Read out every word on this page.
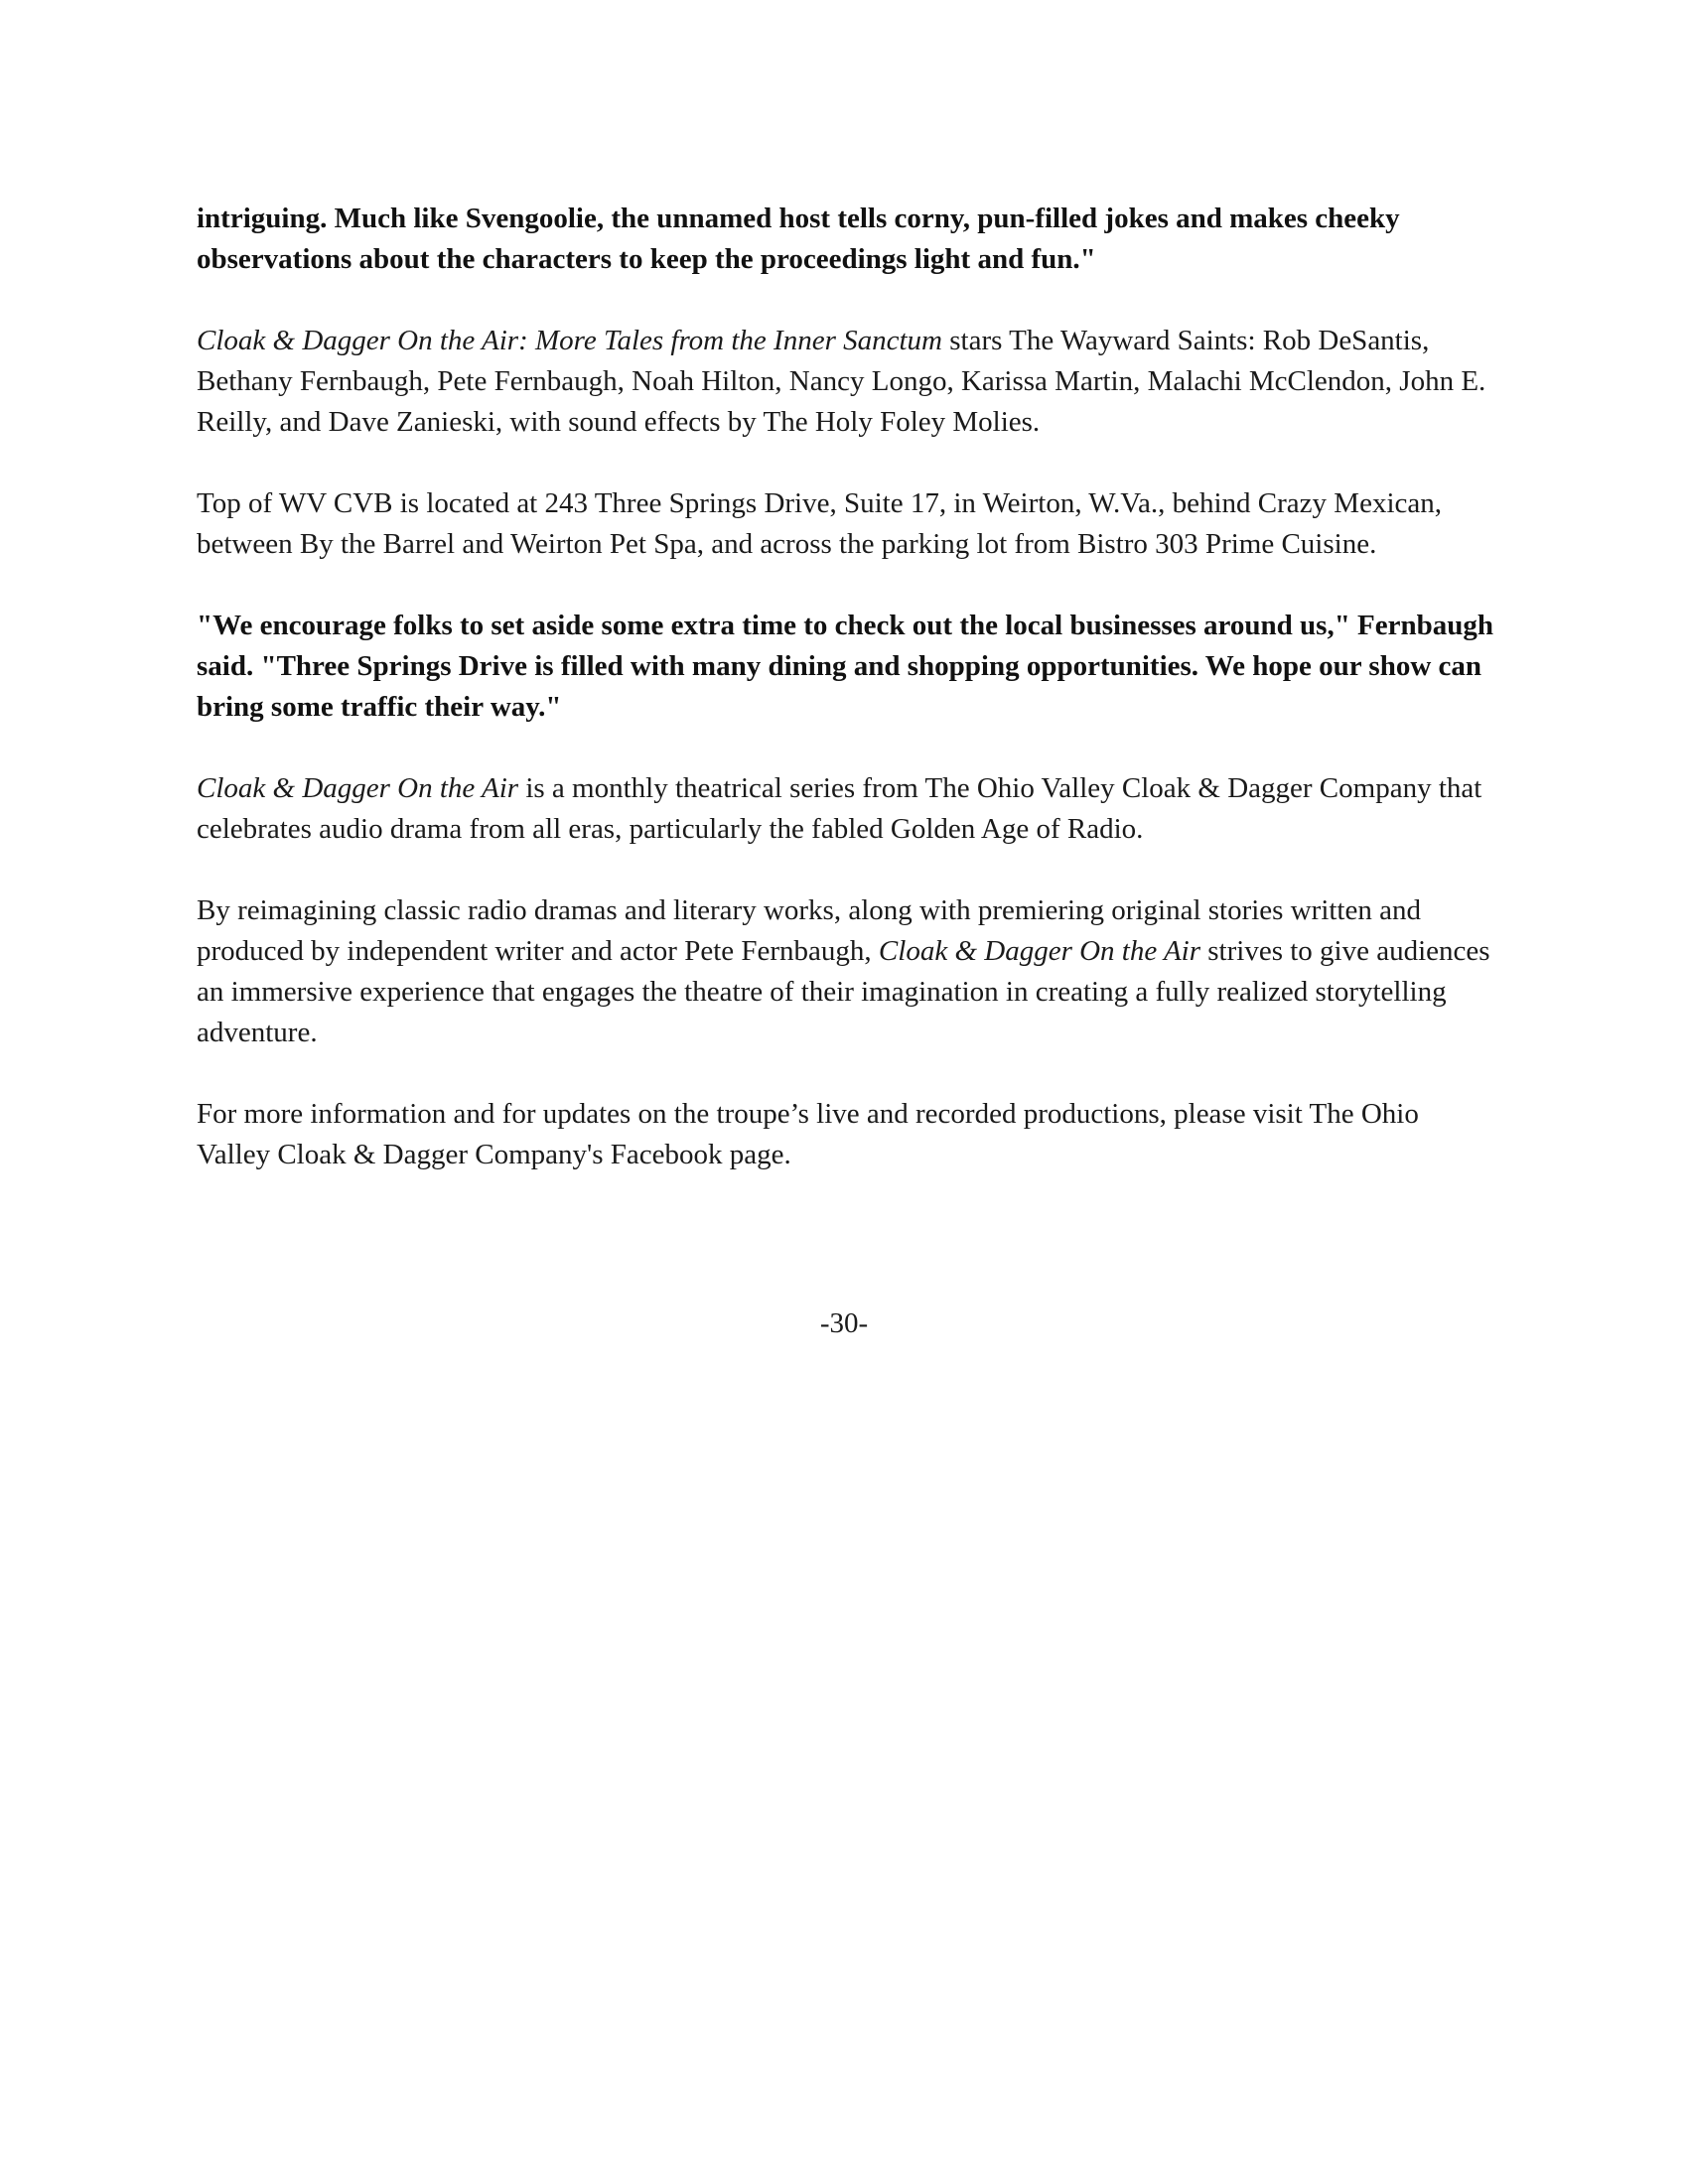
intriguing. Much like Svengoolie, the unnamed host tells corny, pun-filled jokes and makes cheeky observations about the characters to keep the proceedings light and fun."

Cloak & Dagger On the Air: More Tales from the Inner Sanctum stars The Wayward Saints: Rob DeSantis, Bethany Fernbaugh, Pete Fernbaugh, Noah Hilton, Nancy Longo, Karissa Martin, Malachi McClendon, John E. Reilly, and Dave Zanieski, with sound effects by The Holy Foley Molies.

Top of WV CVB is located at 243 Three Springs Drive, Suite 17, in Weirton, W.Va., behind Crazy Mexican, between By the Barrel and Weirton Pet Spa, and across the parking lot from Bistro 303 Prime Cuisine.

"We encourage folks to set aside some extra time to check out the local businesses around us," Fernbaugh said. "Three Springs Drive is filled with many dining and shopping opportunities. We hope our show can bring some traffic their way."

Cloak & Dagger On the Air is a monthly theatrical series from The Ohio Valley Cloak & Dagger Company that celebrates audio drama from all eras, particularly the fabled Golden Age of Radio.

By reimagining classic radio dramas and literary works, along with premiering original stories written and produced by independent writer and actor Pete Fernbaugh, Cloak & Dagger On the Air strives to give audiences an immersive experience that engages the theatre of their imagination in creating a fully realized storytelling adventure.

For more information and for updates on the troupe’s live and recorded productions, please visit The Ohio Valley Cloak & Dagger Company's Facebook page.

-30-
